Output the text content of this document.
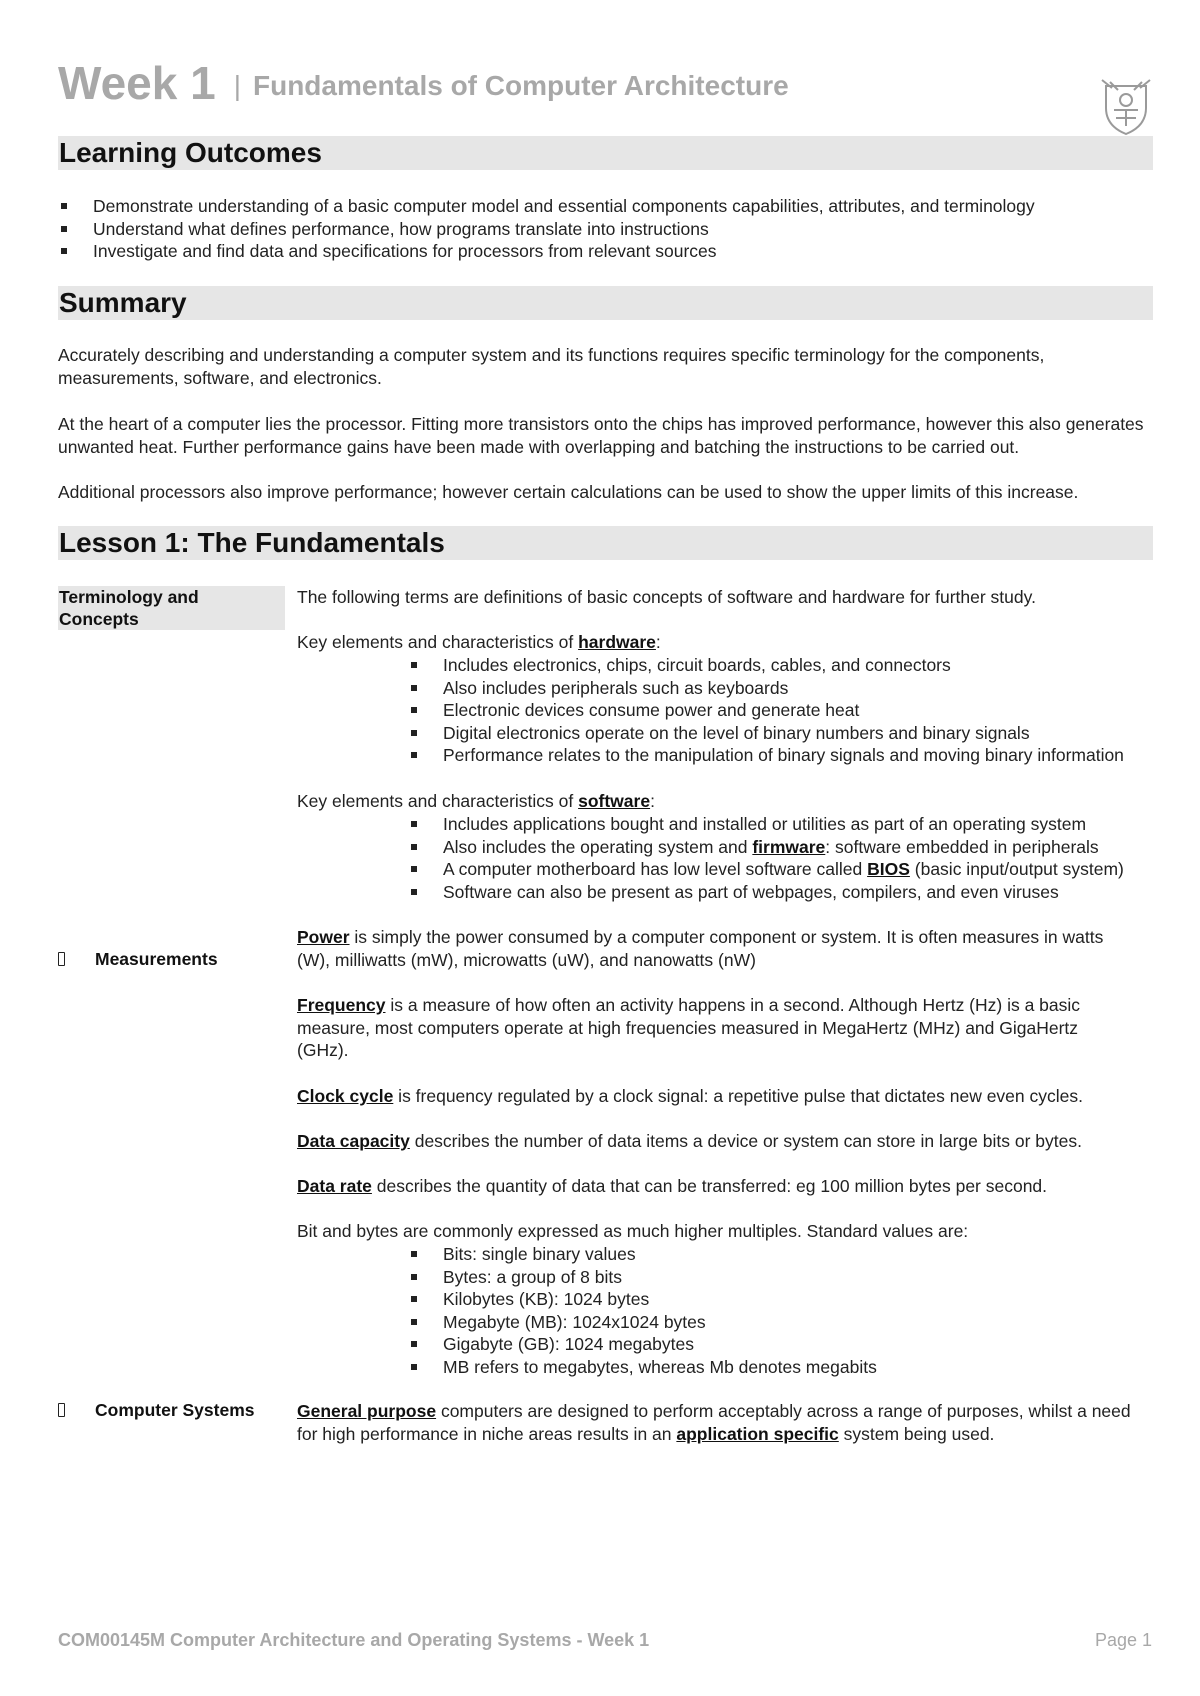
Week 1 | Fundamentals of Computer Architecture
Learning Outcomes
Demonstrate understanding of a basic computer model and essential components capabilities, attributes, and terminology
Understand what defines performance, how programs translate into instructions
Investigate and find data and specifications for processors from relevant sources
Summary
Accurately describing and understanding a computer system and its functions requires specific terminology for the components, measurements, software, and electronics.
At the heart of a computer lies the processor. Fitting more transistors onto the chips has improved performance, however this also generates unwanted heat. Further performance gains have been made with overlapping and batching the instructions to be carried out.
Additional processors also improve performance; however certain calculations can be used to show the upper limits of this increase.
Lesson 1: The Fundamentals
Terminology and Concepts
The following terms are definitions of basic concepts of software and hardware for further study.
Key elements and characteristics of hardware:
Includes electronics, chips, circuit boards, cables, and connectors
Also includes peripherals such as keyboards
Electronic devices consume power and generate heat
Digital electronics operate on the level of binary numbers and binary signals
Performance relates to the manipulation of binary signals and moving binary information
Key elements and characteristics of software:
Includes applications bought and installed or utilities as part of an operating system
Also includes the operating system and firmware: software embedded in peripherals
A computer motherboard has low level software called BIOS (basic input/output system)
Software can also be present as part of webpages, compilers, and even viruses
Measurements
Power is simply the power consumed by a computer component or system. It is often measures in watts (W), milliwatts (mW), microwatts (uW), and nanowatts (nW)
Frequency is a measure of how often an activity happens in a second. Although Hertz (Hz) is a basic measure, most computers operate at high frequencies measured in MegaHertz (MHz) and GigaHertz (GHz).
Clock cycle is frequency regulated by a clock signal: a repetitive pulse that dictates new even cycles.
Data capacity describes the number of data items a device or system can store in large bits or bytes.
Data rate describes the quantity of data that can be transferred: eg 100 million bytes per second.
Bit and bytes are commonly expressed as much higher multiples. Standard values are:
Bits: single binary values
Bytes: a group of 8 bits
Kilobytes (KB): 1024 bytes
Megabyte (MB): 1024x1024 bytes
Gigabyte (GB): 1024 megabytes
MB refers to megabytes, whereas Mb denotes megabits
Computer Systems General purpose computers are designed to perform acceptably across a range of purposes, whilst a need for high performance in niche areas results in an application specific system being used.
COM00145M Computer Architecture and Operating Systems - Week 1	Page 1
